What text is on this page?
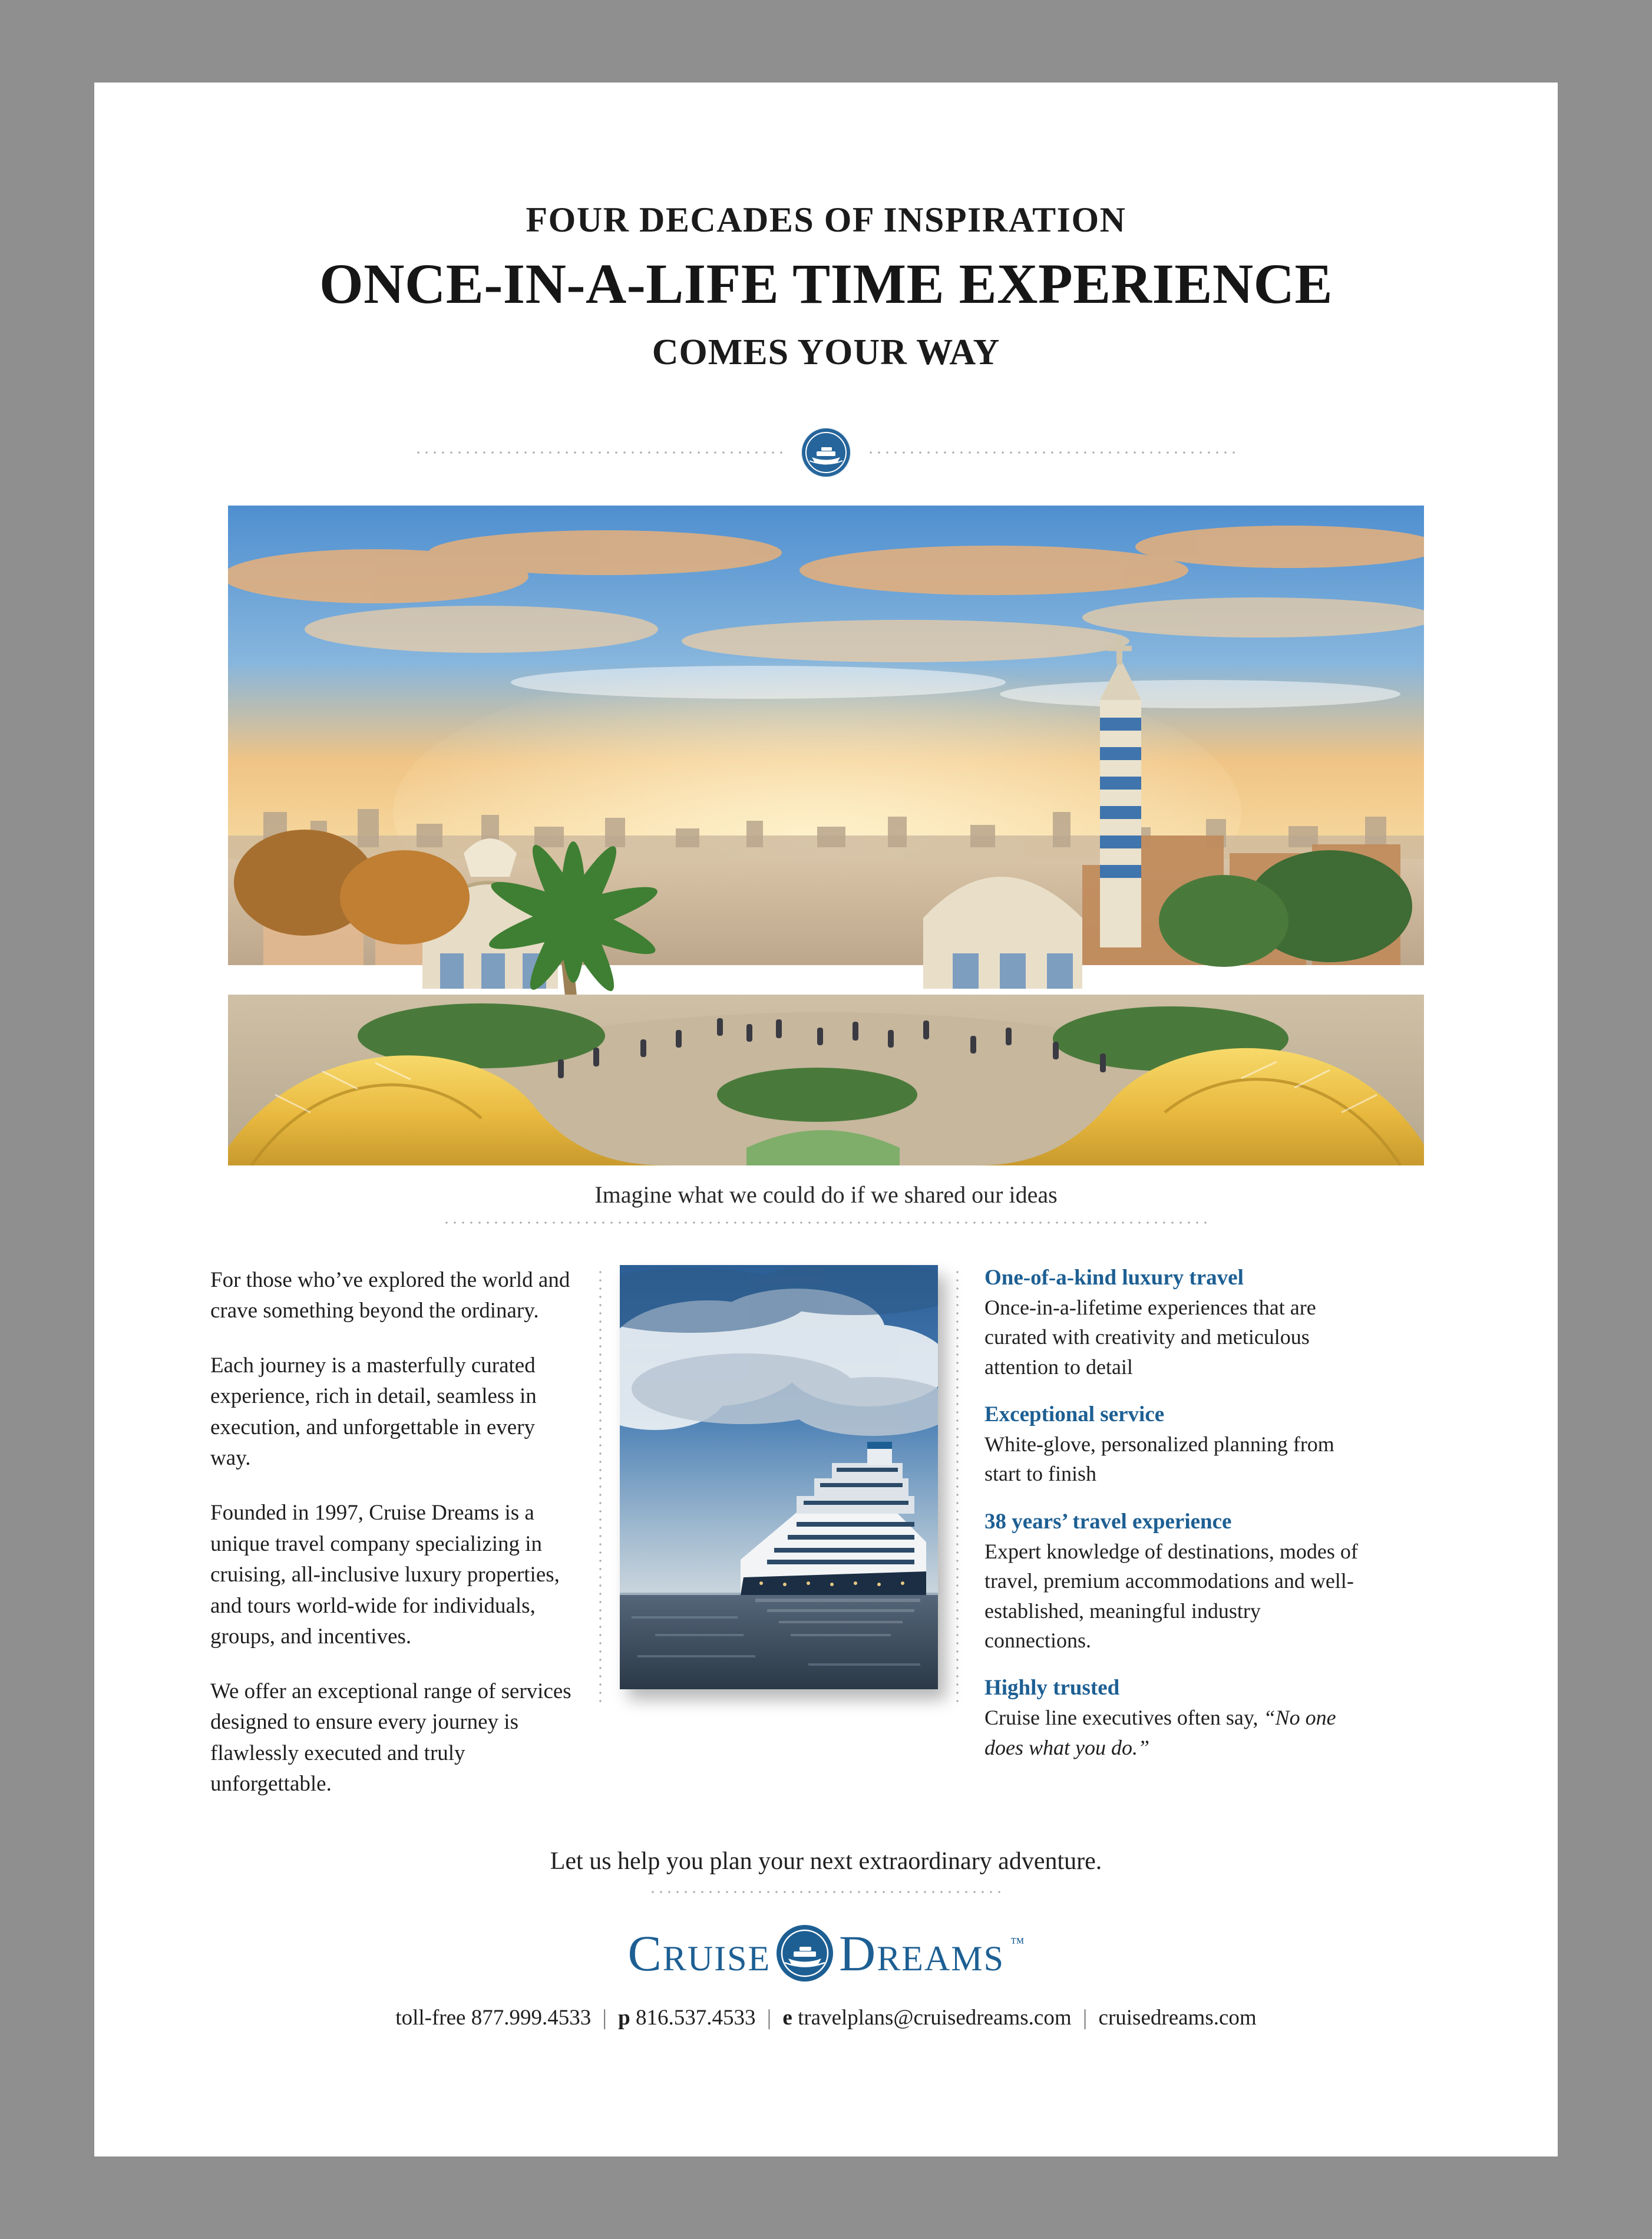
FOUR DECADES OF INSPIRATION
ONCE-IN-A-LIFE TIME EXPERIENCE
COMES YOUR WAY
Imagine what we could do if we shared our ideas

For those who’ve explored the world and crave something beyond the ordinary.

Each journey is a masterfully curated experience, rich in detail, seamless in execution, and unforgettable in every way.

Founded in 1997, Cruise Dreams is a unique travel company specializing in cruising, all-inclusive luxury properties, and tours world-wide for individuals, groups, and incentives.

We offer an exceptional range of services designed to ensure every journey is flawlessly executed and truly unforgettable.

One-of-a-kind luxury travel
Once-in-a-lifetime experiences that are curated with creativity and meticulous attention to detail
Exceptional service
White-glove, personalized planning from start to finish
38 years’ travel experience
Expert knowledge of destinations, modes of travel, premium accommodations and well-established, meaningful industry connections.
Highly trusted
Cruise line executives often say, “No one does what you do.”
Let us help you plan your next extraordinary adventure.
Cruise Dreams ™
toll-free 877.999.4533 | p 816.537.4533 | e travelplans@cruisedreams.com | cruisedreams.com
